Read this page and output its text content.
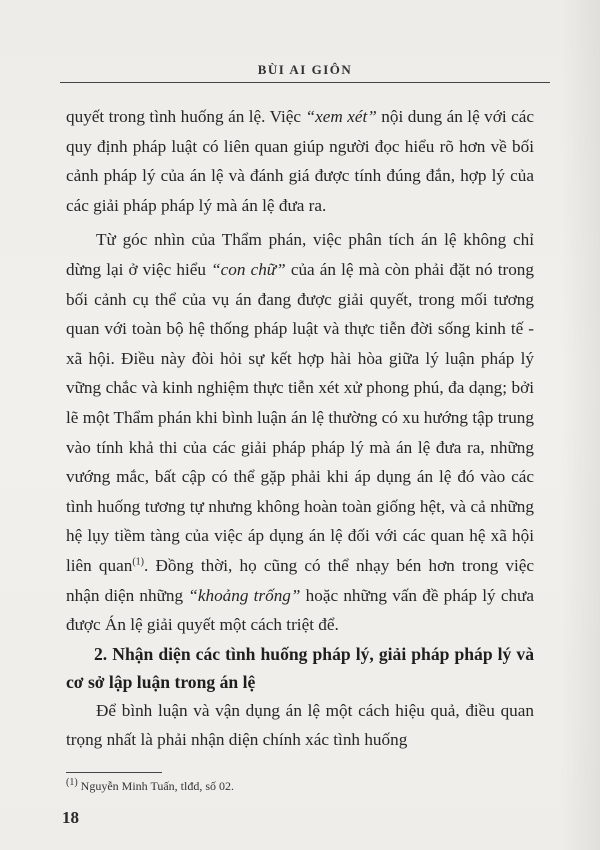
BÙI AI GIÔN

quyết trong tình huống án lệ. Việc “xem xét” nội dung án lệ với các quy định pháp luật có liên quan giúp người đọc hiểu rõ hơn về bối cảnh pháp lý của án lệ và đánh giá được tính đúng đắn, hợp lý của các giải pháp pháp lý mà án lệ đưa ra.

Từ góc nhìn của Thẩm phán, việc phân tích án lệ không chỉ dừng lại ở việc hiểu “con chữ” của án lệ mà còn phải đặt nó trong bối cảnh cụ thể của vụ án đang được giải quyết, trong mối tương quan với toàn bộ hệ thống pháp luật và thực tiễn đời sống kinh tế - xã hội. Điều này đòi hỏi sự kết hợp hài hòa giữa lý luận pháp lý vững chắc và kinh nghiệm thực tiễn xét xử phong phú, đa dạng; bởi lẽ một Thẩm phán khi bình luận án lệ thường có xu hướng tập trung vào tính khả thi của các giải pháp pháp lý mà án lệ đưa ra, những vướng mắc, bất cập có thể gặp phải khi áp dụng án lệ đó vào các tình huống tương tự nhưng không hoàn toàn giống hệt, và cả những hệ lụy tiềm tàng của việc áp dụng án lệ đối với các quan hệ xã hội liên quan$^{(1)}$. Đồng thời, họ cũng có thể nhạy bén hơn trong việc nhận diện những “khoảng trống” hoặc những vấn đề pháp lý chưa được Án lệ giải quyết một cách triệt để.

2. Nhận diện các tình huống pháp lý, giải pháp pháp lý và cơ sở lập luận trong án lệ

Để bình luận và vận dụng án lệ một cách hiệu quả, điều quan trọng nhất là phải nhận diện chính xác tình huống

$^{(1)}$ Nguyễn Minh Tuấn, tlđd, số 02.
18
